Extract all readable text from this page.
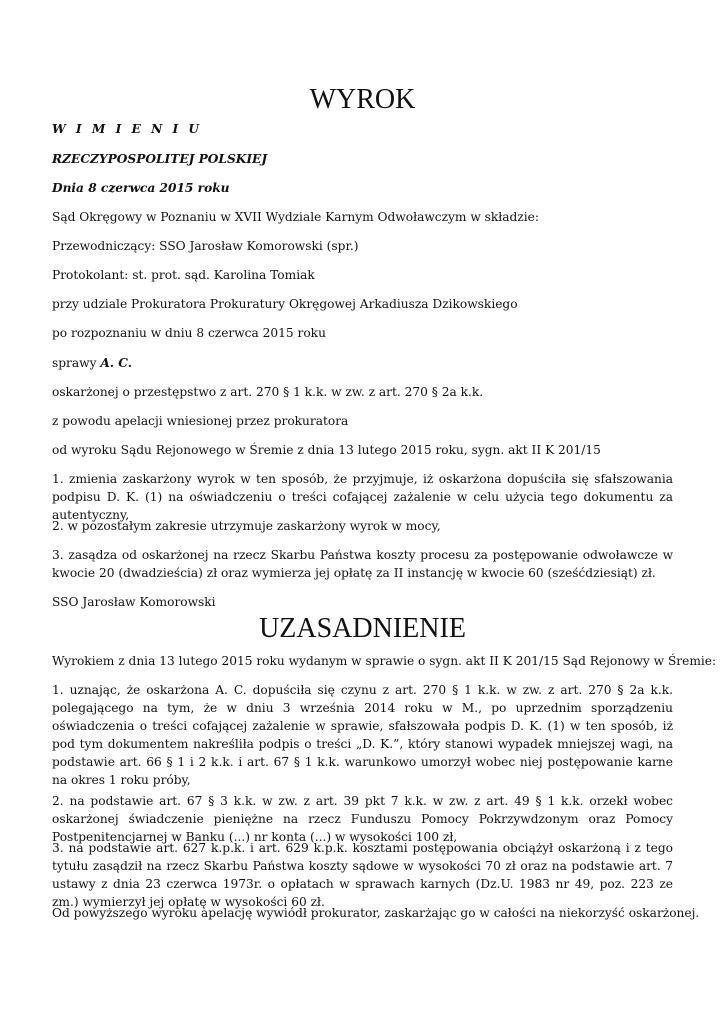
WYROK

W I M I E N I U

RZECZYPOSPOLITEJ POLSKIEJ

Dnia 8 czerwca 2015 roku

Sąd Okręgowy w Poznaniu w XVII Wydziale Karnym Odwoławczym w składzie:

Przewodniczący: SSO Jarosław Komorowski (spr.)

Protokolant: st. prot. sąd. Karolina Tomiak

przy udziale Prokuratora Prokuratury Okręgowej Arkadiusza Dzikowskiego

po rozpoznaniu w dniu 8 czerwca 2015 roku

sprawy A. C.

oskarżonej o przestępstwo z art. 270 § 1 k.k. w zw. z art. 270 § 2a k.k.

z powodu apelacji wniesionej przez prokuratora

od wyroku Sądu Rejonowego w Śremie z dnia 13 lutego 2015 roku, sygn. akt II K 201/15

1. zmienia zaskarżony wyrok w ten sposób, że przyjmuje, iż oskarżona dopuściła się sfałszowania podpisu D. K. (1) na oświadczeniu o treści cofającej zażalenie w celu użycia tego dokumentu za autentyczny,

2. w pozostałym zakresie utrzymuje zaskarżony wyrok w mocy,

3. zasądza od oskarżonej na rzecz Skarbu Państwa koszty procesu za postępowanie odwoławcze w kwocie 20 (dwadzieścia) zł oraz wymierza jej opłatę za II instancję w kwocie 60 (sześćdziesiąt) zł.

SSO Jarosław Komorowski

UZASADNIENIE

Wyrokiem z dnia 13 lutego 2015 roku wydanym w sprawie o sygn. akt II K 201/15 Sąd Rejonowy w Śremie:

1. uznając, że oskarżona A. C. dopuściła się czynu z art. 270 § 1 k.k. w zw. z art. 270 § 2a k.k. polegającego na tym, że w dniu 3 września 2014 roku w M., po uprzednim sporządzeniu oświadczenia o treści cofającej zażalenie w sprawie, sfałszowała podpis D. K. (1) w ten sposób, iż pod tym dokumentem nakreśliła podpis o treści „D. K.”, który stanowi wypadek mniejszej wagi, na podstawie art. 66 § 1 i 2 k.k. i art. 67 § 1 k.k. warunkowo umorzył wobec niej postępowanie karne na okres 1 roku próby,

2. na podstawie art. 67 § 3 k.k. w zw. z art. 39 pkt 7 k.k. w zw. z art. 49 § 1 k.k. orzekł wobec oskarżonej świadczenie pieniężne na rzecz Funduszu Pomocy Pokrzywdzonym oraz Pomocy Postpenitencjarnej w Banku (...) nr konta (...) w wysokości 100 zł,

3. na podstawie art. 627 k.p.k. i art. 629 k.p.k. kosztami postępowania obciążył oskarżoną i z tego tytułu zasądził na rzecz Skarbu Państwa koszty sądowe w wysokości 70 zł oraz na podstawie art. 7 ustawy z dnia 23 czerwca 1973r. o opłatach w sprawach karnych (Dz.U. 1983 nr 49, poz. 223 ze zm.) wymierzył jej opłatę w wysokości 60 zł.

Od powyższego wyroku apelację wywiódł prokurator, zaskarżając go w całości na niekorzyść oskarżonej.
